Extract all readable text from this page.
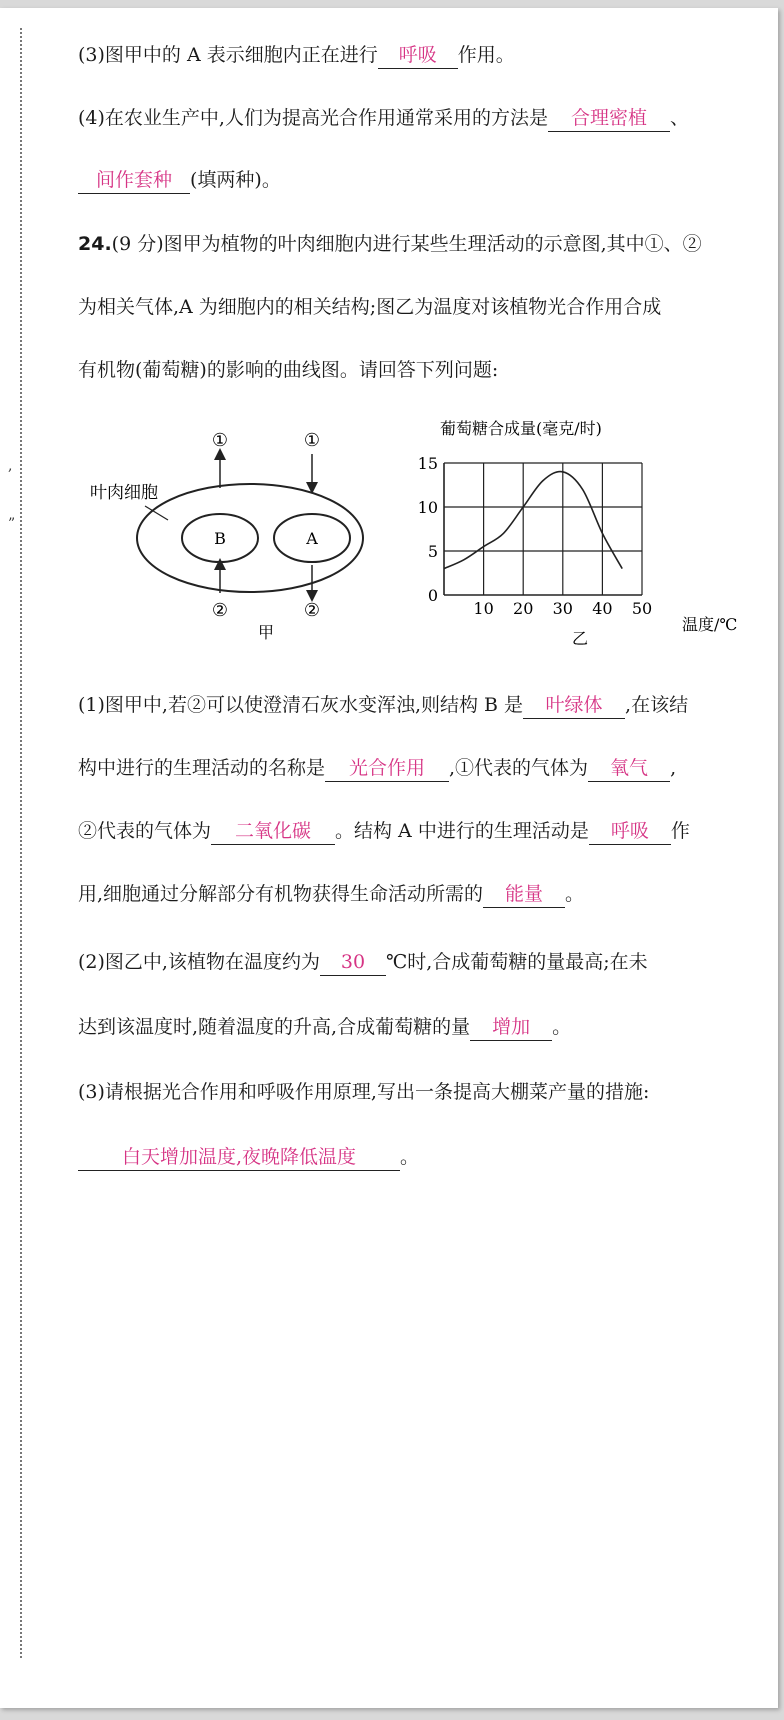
,
”
(3)图甲中的 A 表示细胞内正在进行 呼吸 作用。
(4)在农业生产中,人们为提高光合作用通常采用的方法是 合理密植 、
间作套种 (填两种)。
24.(9 分)图甲为植物的叶肉细胞内进行某些生理活动的示意图,其中①、②
为相关气体,A 为细胞内的相关结构;图乙为温度对该植物光合作用合成
有机物(葡萄糖)的影响的曲线图。请回答下列问题:
(1)图甲中,若②可以使澄清石灰水变浑浊,则结构 B 是 叶绿体 ,在该结
构中进行的生理活动的名称是 光合作用 ,①代表的气体为 氧气 ,
②代表的气体为 二氧化碳 。结构 A 中进行的生理活动是 呼吸 作
用,细胞通过分解部分有机物获得生命活动所需的 能量 。
(2)图乙中,该植物在温度约为 30 ℃时,合成葡萄糖的量最高;在未
达到该温度时,随着温度的升高,合成葡萄糖的量 增加 。
(3)请根据光合作用和呼吸作用原理,写出一条提高大棚菜产量的措施:
白天增加温度,夜晚降低温度 。
B	A
叶肉细胞
①	①
②	②
甲
10 20 30 40 50
0
5
10
15
葡萄糖合成量(毫克/时)
温度/℃
乙
